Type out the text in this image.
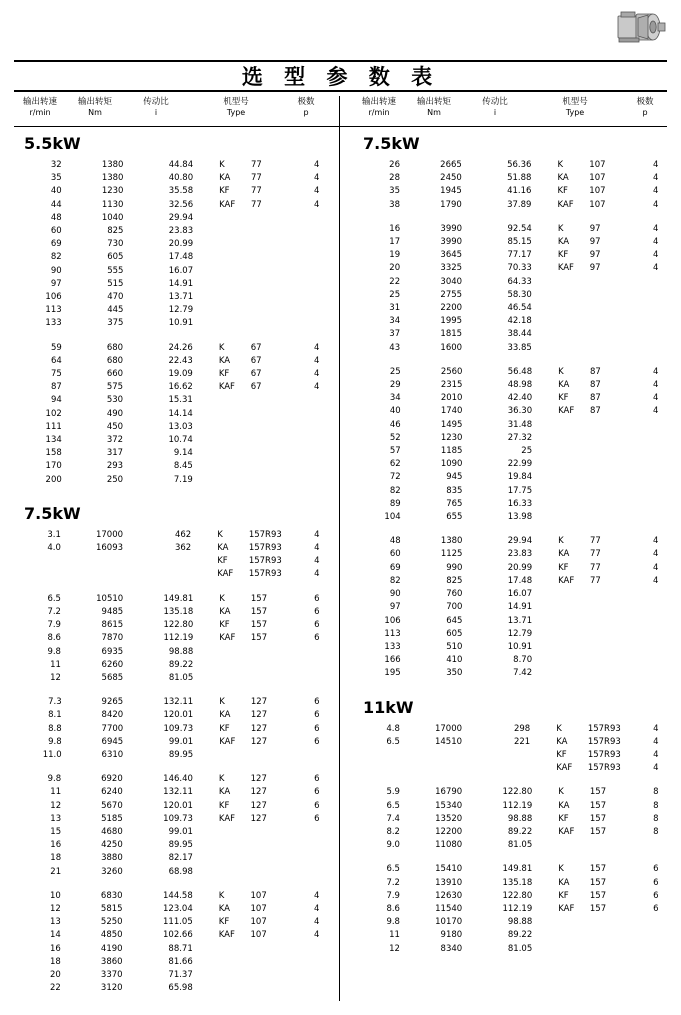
选 型 参 数 表
输出转速
r/min
输出转矩
Nm
传动比
i
机型号
Type
极数
p
输出转速
r/min
输出转矩
Nm
传动比
i
机型号
Type
极数
p
5.5kW
32	1380	44.84	K	77	4
35	1380	40.80	KA	77	4
40	1230	35.58	KF	77	4
44	1130	32.56	KAF	77	4
48	1040	29.94			
60	825	23.83			
69	730	20.99			
82	605	17.48			
90	555	16.07			
97	515	14.91			
106	470	13.71			
113	445	12.79			
133	375	10.91			
59	680	24.26	K	67	4
64	680	22.43	KA	67	4
75	660	19.09	KF	67	4
87	575	16.62	KAF	67	4
94	530	15.31			
102	490	14.14			
111	450	13.03			
134	372	10.74			
158	317	9.14			
170	293	8.45			
200	250	7.19			
7.5kW
3.1	17000	462	K	157R93	4
4.0	16093	362	KA	157R93	4
			KF	157R93	4
			KAF	157R93	4
6.5	10510	149.81	K	157	6
7.2	9485	135.18	KA	157	6
7.9	8615	122.80	KF	157	6
8.6	7870	112.19	KAF	157	6
9.8	6935	98.88			
11	6260	89.22			
12	5685	81.05			
7.3	9265	132.11	K	127	6
8.1	8420	120.01	KA	127	6
8.8	7700	109.73	KF	127	6
9.8	6945	99.01	KAF	127	6
11.0	6310	89.95			
9.8	6920	146.40	K	127	6
11	6240	132.11	KA	127	6
12	5670	120.01	KF	127	6
13	5185	109.73	KAF	127	6
15	4680	99.01			
16	4250	89.95			
18	3880	82.17			
21	3260	68.98			
10	6830	144.58	K	107	4
12	5815	123.04	KA	107	4
13	5250	111.05	KF	107	4
14	4850	102.66	KAF	107	4
16	4190	88.71			
18	3860	81.66			
20	3370	71.37			
22	3120	65.98			
7.5kW
26	2665	56.36	K	107	4
28	2450	51.88	KA	107	4
35	1945	41.16	KF	107	4
38	1790	37.89	KAF	107	4
16	3990	92.54	K	97	4
17	3990	85.15	KA	97	4
19	3645	77.17	KF	97	4
20	3325	70.33	KAF	97	4
22	3040	64.33			
25	2755	58.30			
31	2200	46.54			
34	1995	42.18			
37	1815	38.44			
43	1600	33.85			
25	2560	56.48	K	87	4
29	2315	48.98	KA	87	4
34	2010	42.40	KF	87	4
40	1740	36.30	KAF	87	4
46	1495	31.48			
52	1230	27.32			
57	1185	25			
62	1090	22.99			
72	945	19.84			
82	835	17.75			
89	765	16.33			
104	655	13.98			
48	1380	29.94	K	77	4
60	1125	23.83	KA	77	4
69	990	20.99	KF	77	4
82	825	17.48	KAF	77	4
90	760	16.07			
97	700	14.91			
106	645	13.71			
113	605	12.79			
133	510	10.91			
166	410	8.70			
195	350	7.42			
11kW
4.8	17000	298	K	157R93	4
6.5	14510	221	KA	157R93	4
			KF	157R93	4
			KAF	157R93	4
5.9	16790	122.80	K	157	8
6.5	15340	112.19	KA	157	8
7.4	13520	98.88	KF	157	8
8.2	12200	89.22	KAF	157	8
9.0	11080	81.05			
6.5	15410	149.81	K	157	6
7.2	13910	135.18	KA	157	6
7.9	12630	122.80	KF	157	6
8.6	11540	112.19	KAF	157	6
9.8	10170	98.88			
11	9180	89.22			
12	8340	81.05			
